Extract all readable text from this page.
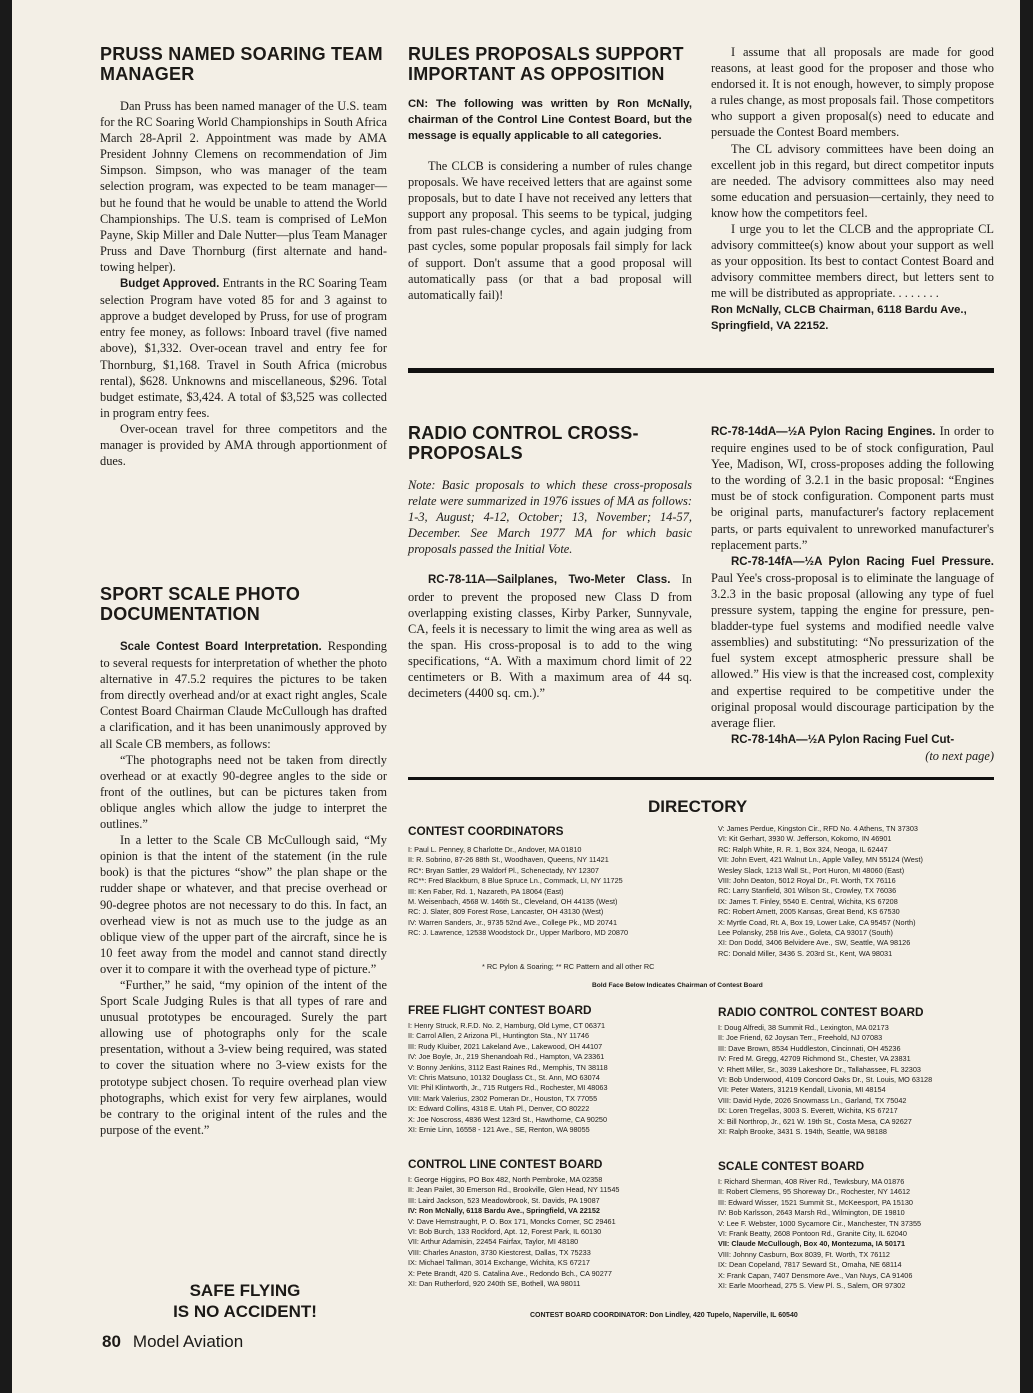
PRUSS NAMED SOARING TEAM MANAGER

Dan Pruss has been named manager of the U.S. team for the RC Soaring World Championships in South Africa March 28-April 2. Appointment was made by AMA President Johnny Clemens on recommendation of Jim Simpson. Simpson, who was manager of the team selection program, was expected to be team manager—but he found that he would be unable to attend the World Championships. The U.S. team is comprised of LeMon Payne, Skip Miller and Dale Nutter—plus Team Manager Pruss and Dave Thornburg (first alternate and hand-towing helper).

Budget Approved. Entrants in the RC Soaring Team selection Program have voted 85 for and 3 against to approve a budget developed by Pruss, for use of program entry fee money, as follows: Inboard travel (five named above), $1,332. Over-ocean travel and entry fee for Thornburg, $1,168. Travel in South Africa (microbus rental), $628. Unknowns and miscellaneous, $296. Total budget estimate, $3,424. A total of $3,525 was collected in program entry fees.

Over-ocean travel for three competitors and the manager is provided by AMA through apportionment of dues.

SPORT SCALE PHOTO DOCUMENTATION

Scale Contest Board Interpretation. Responding to several requests for interpretation of whether the photo alternative in 47.5.2 requires the pictures to be taken from directly overhead and/or at exact right angles, Scale Contest Board Chairman Claude McCullough has drafted a clarification, and it has been unanimously approved by all Scale CB members, as follows:

“The photographs need not be taken from directly overhead or at exactly 90-degree angles to the side or front of the outlines, but can be pictures taken from oblique angles which allow the judge to interpret the outlines.”

In a letter to the Scale CB McCullough said, “My opinion is that the intent of the statement (in the rule book) is that the pictures “show” the plan shape or the rudder shape or whatever, and that precise overhead or 90-degree photos are not necessary to do this. In fact, an overhead view is not as much use to the judge as an oblique view of the upper part of the aircraft, since he is 10 feet away from the model and cannot stand directly over it to compare it with the overhead type of picture.”

“Further,” he said, “my opinion of the intent of the Sport Scale Judging Rules is that all types of rare and unusual prototypes be encouraged. Surely the part allowing use of photographs only for the scale presentation, without a 3-view being required, was stated to cover the situation where no 3-view exists for the prototype subject chosen. To require overhead plan view photographs, which exist for very few airplanes, would be contrary to the original intent of the rules and the purpose of the event.”

SAFE FLYING
IS NO ACCIDENT!
80 Model Aviation
RULES PROPOSALS SUPPORT IMPORTANT AS OPPOSITION
CN: The following was written by Ron McNally, chairman of the Control Line Contest Board, but the message is equally applicable to all categories.

The CLCB is considering a number of rules change proposals. We have received letters that are against some proposals, but to date I have not received any letters that support any proposal. This seems to be typical, judging from past rules-change cycles, and again judging from past cycles, some popular proposals fail simply for lack of support. Don't assume that a good proposal will automatically pass (or that a bad proposal will automatically fail)!

I assume that all proposals are made for good reasons, at least good for the proposer and those who endorsed it. It is not enough, however, to simply propose a rules change, as most proposals fail. Those competitors who support a given proposal(s) need to educate and persuade the Contest Board members.

The CL advisory committees have been doing an excellent job in this regard, but direct competitor inputs are needed. The advisory committees also may need some education and persuasion—certainly, they need to know how the competitors feel.

I urge you to let the CLCB and the appropriate CL advisory committee(s) know about your support as well as your opposition. Its best to contact Contest Board and advisory committee members direct, but letters sent to me will be distributed as appropriate. . . . . . . .

Ron McNally, CLCB Chairman, 6118 Bardu Ave., Springfield, VA 22152.
RADIO CONTROL CROSS-PROPOSALS
Note: Basic proposals to which these cross-proposals relate were summarized in 1976 issues of MA as follows: 1-3, August; 4-12, October; 13, November; 14-57, December. See March 1977 MA for which basic proposals passed the Initial Vote.

RC-78-11A—Sailplanes, Two-Meter Class. In order to prevent the proposed new Class D from overlapping existing classes, Kirby Parker, Sunnyvale, CA, feels it is necessary to limit the wing area as well as the span. His cross-proposal is to add to the wing specifications, “A. With a maximum chord limit of 22 centimeters or B. With a maximum area of 44 sq. decimeters (4400 sq. cm.).”

RC-78-14dA—½A Pylon Racing Engines. In order to require engines used to be of stock configuration, Paul Yee, Madison, WI, cross-proposes adding the following to the wording of 3.2.1 in the basic proposal: “Engines must be of stock configuration. Component parts must be original parts, manufacturer's factory replacement parts, or parts equivalent to unreworked manufacturer's replacement parts.”

RC-78-14fA—½A Pylon Racing Fuel Pressure. Paul Yee's cross-proposal is to eliminate the language of 3.2.3 in the basic proposal (allowing any type of fuel pressure system, tapping the engine for pressure, pen-bladder-type fuel systems and modified needle valve assemblies) and substituting: “No pressurization of the fuel system except atmospheric pressure shall be allowed.” His view is that the increased cost, complexity and expertise required to be competitive under the original proposal would discourage participation by the average flier.

RC-78-14hA—½A Pylon Racing Fuel Cut-

(to next page)
DIRECTORY
CONTEST COORDINATORS
I: Paul L. Penney, 8 Charlotte Dr., Andover, MA 01810
II: R. Sobrino, 87-26 88th St., Woodhaven, Queens, NY 11421
RC*: Bryan Sattler, 29 Waldorf Pl., Schenectady, NY 12307
RC**: Fred Blackburn, 8 Blue Spruce Ln., Commack, LI, NY 11725
III: Ken Faber, Rd. 1, Nazareth, PA 18064 (East)
M. Weisenbach, 4568 W. 146th St., Cleveland, OH 44135 (West)
RC: J. Slater, 809 Forest Rose, Lancaster, OH 43130 (West)
IV: Warren Sanders, Jr., 9735 52nd Ave., College Pk., MD 20741
RC: J. Lawrence, 12538 Woodstock Dr., Upper Marlboro, MD 20870
* RC Pylon & Soaring; ** RC Pattern and all other RC
V: James Perdue, Kingston Cir., RFD No. 4 Athens, TN 37303
VI: Kit Gerhart, 3930 W. Jefferson, Kokomo, IN 46901
RC: Ralph White, R. R. 1, Box 324, Neoga, IL 62447
VII: John Evert, 421 Walnut Ln., Apple Valley, MN 55124 (West)
Wesley Slack, 1213 Wall St., Port Huron, MI 48060 (East)
VIII: John Deaton, 5012 Royal Dr., Ft. Worth, TX 76116
RC: Larry Stanfield, 301 Wilson St., Crowley, TX 76036
IX: James T. Finley, 5540 E. Central, Wichita, KS 67208
RC: Robert Arnett, 2005 Kansas, Great Bend, KS 67530
X: Myrtle Coad, Rt. A, Box 19, Lower Lake, CA 95457 (North)
Lee Polansky, 258 Iris Ave., Goleta, CA 93017 (South)
XI: Don Dodd, 3406 Belvidere Ave., SW, Seattle, WA 98126
RC: Donald Miller, 3436 S. 203rd St., Kent, WA 98031
Bold Face Below Indicates Chairman of Contest Board
FREE FLIGHT CONTEST BOARD
I: Henry Struck, R.F.D. No. 2, Hamburg, Old Lyme, CT 06371
II: Carrol Allen, 2 Arizona Pl., Huntington Sta., NY 11746
III: Rudy Kluiber, 2021 Lakeland Ave., Lakewood, OH 44107
IV: Joe Boyle, Jr., 219 Shenandoah Rd., Hampton, VA 23361
V: Bonny Jenkins, 3112 East Raines Rd., Memphis, TN 38118
VI: Chris Matsuno, 10132 Douglass Ct., St. Ann, MO 63074
VII: Phil Klintworth, Jr., 715 Rutgers Rd., Rochester, MI 48063
VIII: Mark Valerius, 2302 Pomeran Dr., Houston, TX 77055
IX: Edward Collins, 4318 E. Utah Pl., Denver, CO 80222
X: Joe Noscross, 4836 West 123rd St., Hawthorne, CA 90250
XI: Ernie Linn, 16558 - 121 Ave., SE, Renton, WA 98055
RADIO CONTROL CONTEST BOARD
I: Doug Alfredi, 38 Summit Rd., Lexington, MA 02173
II: Joe Friend, 62 Joysan Terr., Freehold, NJ 07083
III: Dave Brown, 8534 Huddleston, Cincinnati, OH 45236
IV: Fred M. Gregg, 42709 Richmond St., Chester, VA 23831
V: Rhett Miller, Sr., 3039 Lakeshore Dr., Tallahassee, FL 32303
VI: Bob Underwood, 4109 Concord Oaks Dr., St. Louis, MO 63128
VII: Peter Waters, 31219 Kendall, Livonia, MI 48154
VIII: David Hyde, 2026 Snowmass Ln., Garland, TX 75042
IX: Loren Tregellas, 3003 S. Everett, Wichita, KS 67217
X: Bill Northrop, Jr., 621 W. 19th St., Costa Mesa, CA 92627
XI: Ralph Brooke, 3431 S. 194th, Seattle, WA 98188
CONTROL LINE CONTEST BOARD
I: George Higgins, PO Box 482, North Pembroke, MA 02358
II: Jean Pailet, 30 Emerson Rd., Brookville, Glen Head, NY 11545
III: Laird Jackson, 523 Meadowbrook, St. Davids, PA 19087
IV: Ron McNally, 6118 Bardu Ave., Springfield, VA 22152
V: Dave Hemstraught, P. O. Box 171, Moncks Corner, SC 29461
VI: Bob Burch, 133 Rockford, Apt. 12, Forest Park, IL 60130
VII: Arthur Adamisin, 22454 Fairfax, Taylor, MI 48180
VIII: Charles Anaston, 3730 Kiestcrest, Dallas, TX 75233
IX: Michael Tallman, 3014 Exchange, Wichita, KS 67217
X: Pete Brandt, 420 S. Catalina Ave., Redondo Bch., CA 90277
XI: Dan Rutherford, 920 240th SE, Bothell, WA 98011
SCALE CONTEST BOARD
I: Richard Sherman, 408 River Rd., Tewksbury, MA 01876
II: Robert Clemens, 95 Shoreway Dr., Rochester, NY 14612
III: Edward Wisser, 1521 Summit St., McKeesport, PA 15130
IV: Bob Karlsson, 2643 Marsh Rd., Wilmington, DE 19810
V: Lee F. Webster, 1000 Sycamore Cir., Manchester, TN 37355
VI: Frank Beatty, 2608 Pontoon Rd., Granite City, IL 62040
VII: Claude McCullough, Box 40, Montezuma, IA 50171
VIII: Johnny Casburn, Box 8039, Ft. Worth, TX 76112
IX: Dean Copeland, 7817 Seward St., Omaha, NE 68114
X: Frank Capan, 7407 Densmore Ave., Van Nuys, CA 91406
XI: Earle Moorhead, 275 S. View Pl. S., Salem, OR 97302
CONTEST BOARD COORDINATOR: Don Lindley, 420 Tupelo, Naperville, IL 60540
